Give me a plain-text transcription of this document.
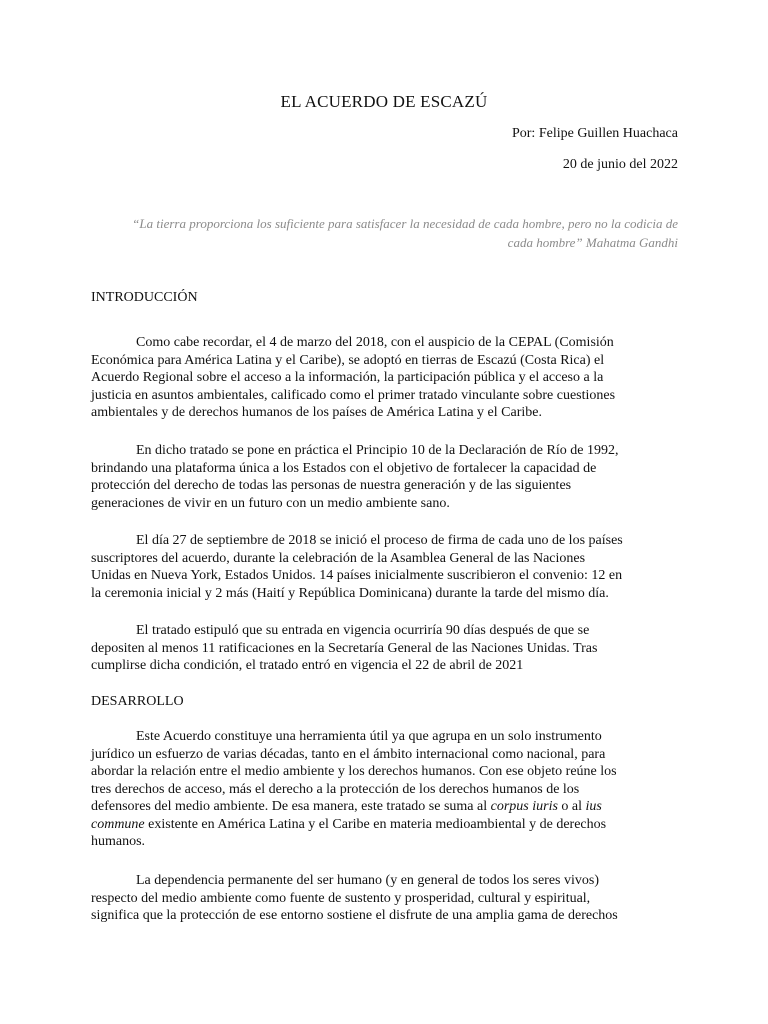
EL ACUERDO DE ESCAZÚ
Por: Felipe Guillen Huachaca
20 de junio del 2022
“La tierra proporciona los suficiente para satisfacer la necesidad de cada hombre, pero no la codicia de
cada hombre” Mahatma Gandhi
INTRODUCCIÓN
Como cabe recordar, el 4 de marzo del 2018, con el auspicio de la CEPAL (Comisión
Económica para América Latina y el Caribe), se adoptó en tierras de Escazú (Costa Rica) el
Acuerdo Regional sobre el acceso a la información, la participación pública y el acceso a la
justicia en asuntos ambientales, calificado como el primer tratado vinculante sobre cuestiones
ambientales y de derechos humanos de los países de América Latina y el Caribe.
En dicho tratado se pone en práctica el Principio 10 de la Declaración de Río de 1992,
brindando una plataforma única a los Estados con el objetivo de fortalecer la capacidad de
protección del derecho de todas las personas de nuestra generación y de las siguientes
generaciones de vivir en un futuro con un medio ambiente sano.
El día 27 de septiembre de 2018 se inició el proceso de firma de cada uno de los países
suscriptores del acuerdo, durante la celebración de la Asamblea General de las Naciones
Unidas en Nueva York, Estados Unidos. 14 países inicialmente suscribieron el convenio: 12 en
la ceremonia inicial y 2 más (Haití y República Dominicana) durante la tarde del mismo día.
El tratado estipuló que su entrada en vigencia ocurriría 90 días después de que se
depositen al menos 11 ratificaciones en la Secretaría General de las Naciones Unidas. Tras
cumplirse dicha condición, el tratado entró en vigencia el 22 de abril de 2021
DESARROLLO
Este Acuerdo constituye una herramienta útil ya que agrupa en un solo instrumento
jurídico un esfuerzo de varias décadas, tanto en el ámbito internacional como nacional, para
abordar la relación entre el medio ambiente y los derechos humanos. Con ese objeto reúne los
tres derechos de acceso, más el derecho a la protección de los derechos humanos de los
defensores del medio ambiente. De esa manera, este tratado se suma al corpus iuris o al ius
commune existente en América Latina y el Caribe en materia medioambiental y de derechos
humanos.
La dependencia permanente del ser humano (y en general de todos los seres vivos)
respecto del medio ambiente como fuente de sustento y prosperidad, cultural y espiritual,
significa que la protección de ese entorno sostiene el disfrute de una amplia gama de derechos
